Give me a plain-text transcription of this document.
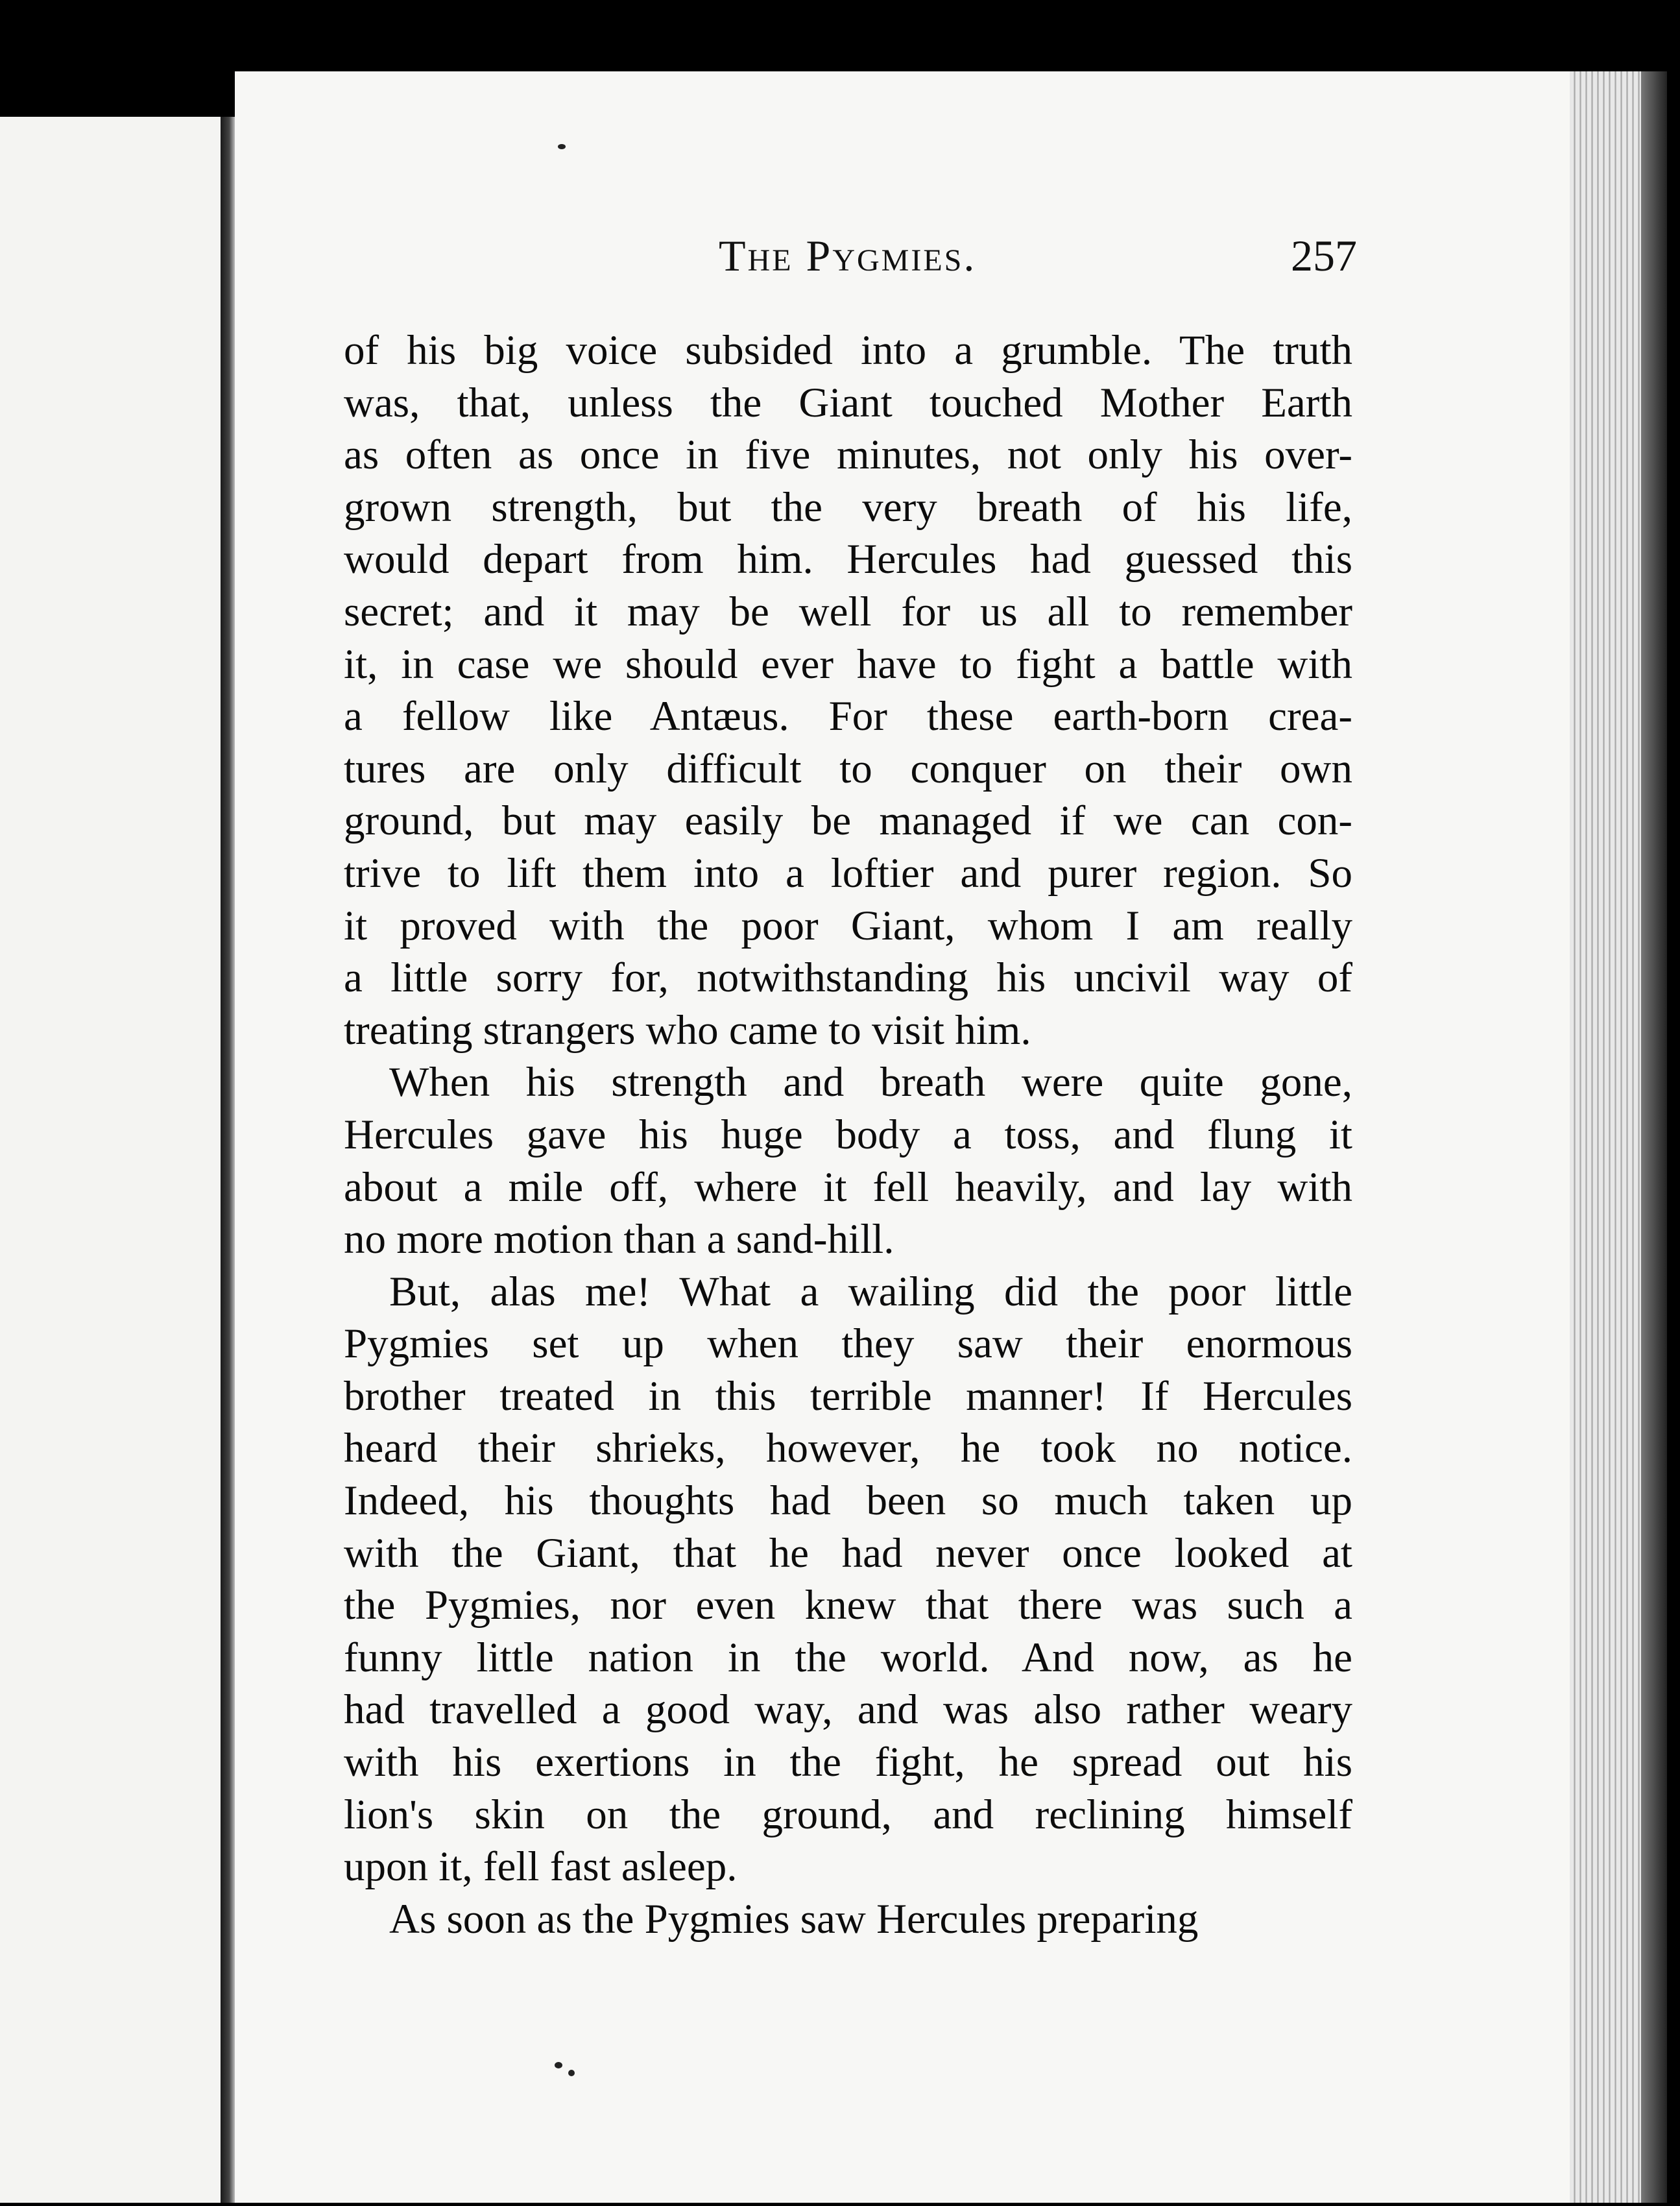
The Pygmies.	257
of his big voice subsided into a grumble. The truth
was, that, unless the Giant touched Mother Earth
as often as once in five minutes, not only his over-
grown strength, but the very breath of his life,
would depart from him. Hercules had guessed this
secret; and it may be well for us all to remember
it, in case we should ever have to fight a battle with
a fellow like Antæus. For these earth-born crea-
tures are only difficult to conquer on their own
ground, but may easily be managed if we can con-
trive to lift them into a loftier and purer region. So
it proved with the poor Giant, whom I am really
a little sorry for, notwithstanding his uncivil way of
treating strangers who came to visit him.
When his strength and breath were quite gone,
Hercules gave his huge body a toss, and flung it
about a mile off, where it fell heavily, and lay with
no more motion than a sand-hill.
But, alas me! What a wailing did the poor little
Pygmies set up when they saw their enormous
brother treated in this terrible manner! If Hercules
heard their shrieks, however, he took no notice.
Indeed, his thoughts had been so much taken up
with the Giant, that he had never once looked at
the Pygmies, nor even knew that there was such a
funny little nation in the world. And now, as he
had travelled a good way, and was also rather weary
with his exertions in the fight, he spread out his
lion's skin on the ground, and reclining himself
upon it, fell fast asleep.
As soon as the Pygmies saw Hercules preparing
